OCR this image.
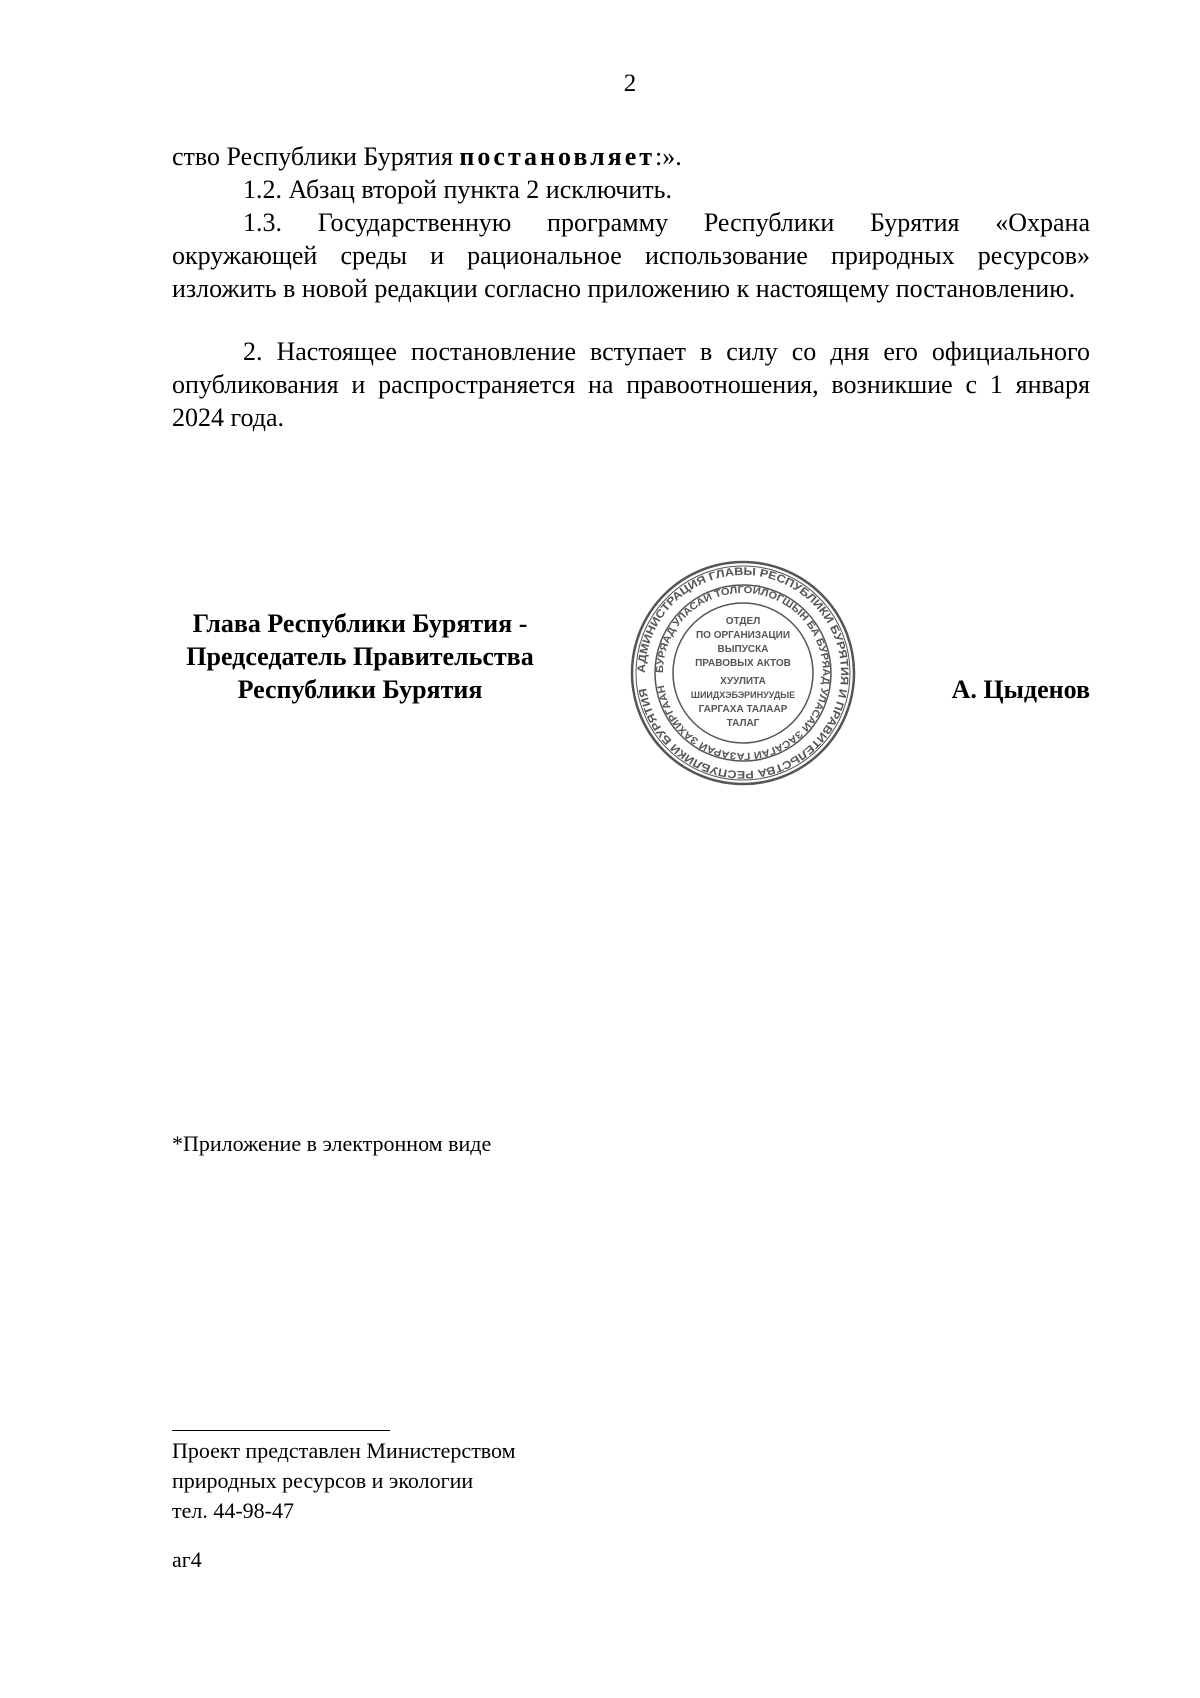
2

ство Республики Бурятия постановляет:».

1.2. Абзац второй пункта 2 исключить.

1.3. Государственную программу Республики Бурятия «Охрана окружающей среды и рациональное использование природных ресурсов» изложить в новой редакции согласно приложению к настоящему постановлению.

2. Настоящее постановление вступает в силу со дня его официального опубликования и распространяется на правоотношения, возникшие с 1 января 2024 года.

Глава Республики Бурятия -
Председатель Правительства
Республики Бурятия
АДМИНИСТРАЦИЯ ГЛАВЫ РЕСПУБЛИКИ БУРЯТИЯ И ПРАВИТЕЛЬСТВА РЕСПУБЛИКИ БУРЯТИЯ
БУРЯАД УЛАСАЙ ТОЛГОЙЛОГШЫН БА БУРЯАД УЛАСАЙ ЗАСАГАЙ ГАЗАРАЙ ЗАХИРГААН
ОТДЕЛ
ПО ОРГАНИЗАЦИИ
ВЫПУСКА
ПРАВОВЫХ АКТОВ
ХУУЛИТА
ШИИДХЭБЭРИНУУДЫЕ
ГАРГАХА ТАЛААР
ТАЛАГ
А. Цыденов
*Приложение в электронном виде
Проект представлен Министерством
природных ресурсов и экологии
тел. 44-98-47
аг4
